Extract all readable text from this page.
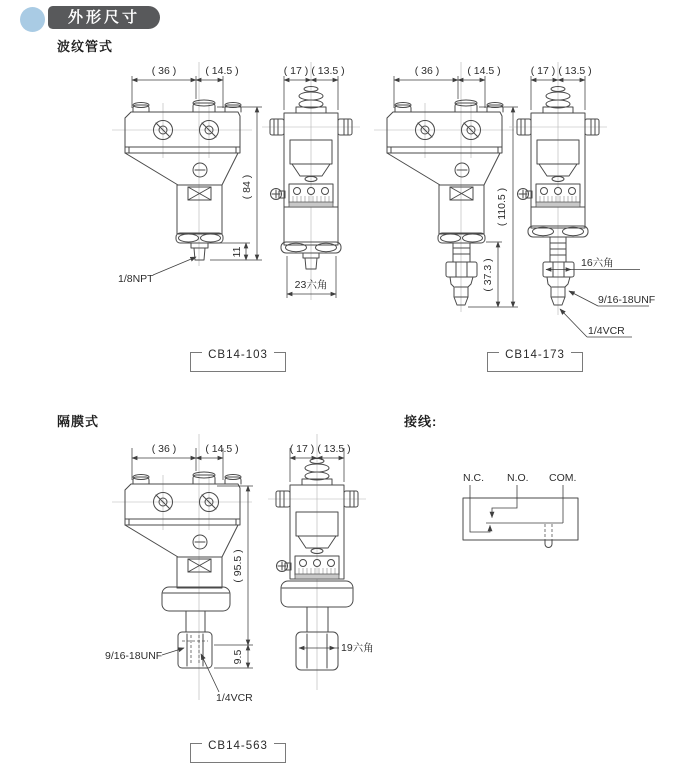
外形尺寸
波纹管式
隔膜式	接线:
( 36 )	( 14.5 )
( 84 )
11
1/8NPT
( 17 ) ( 13.5 )
23六角
( 36 )	( 14.5 )
( 110.5 )
( 37.3 )
( 17 ) ( 13.5 )
16六角
9/16-18UNF
1/4VCR
( 36 )	( 14.5 )
( 95.5 )
9.5
9/16-18UNF
1/4VCR
( 17 ) ( 13.5 )
19六角
N.C. N.O. COM.
$^{CB14-103}$	$^{CB14-173}$
$^{CB14-563}$
